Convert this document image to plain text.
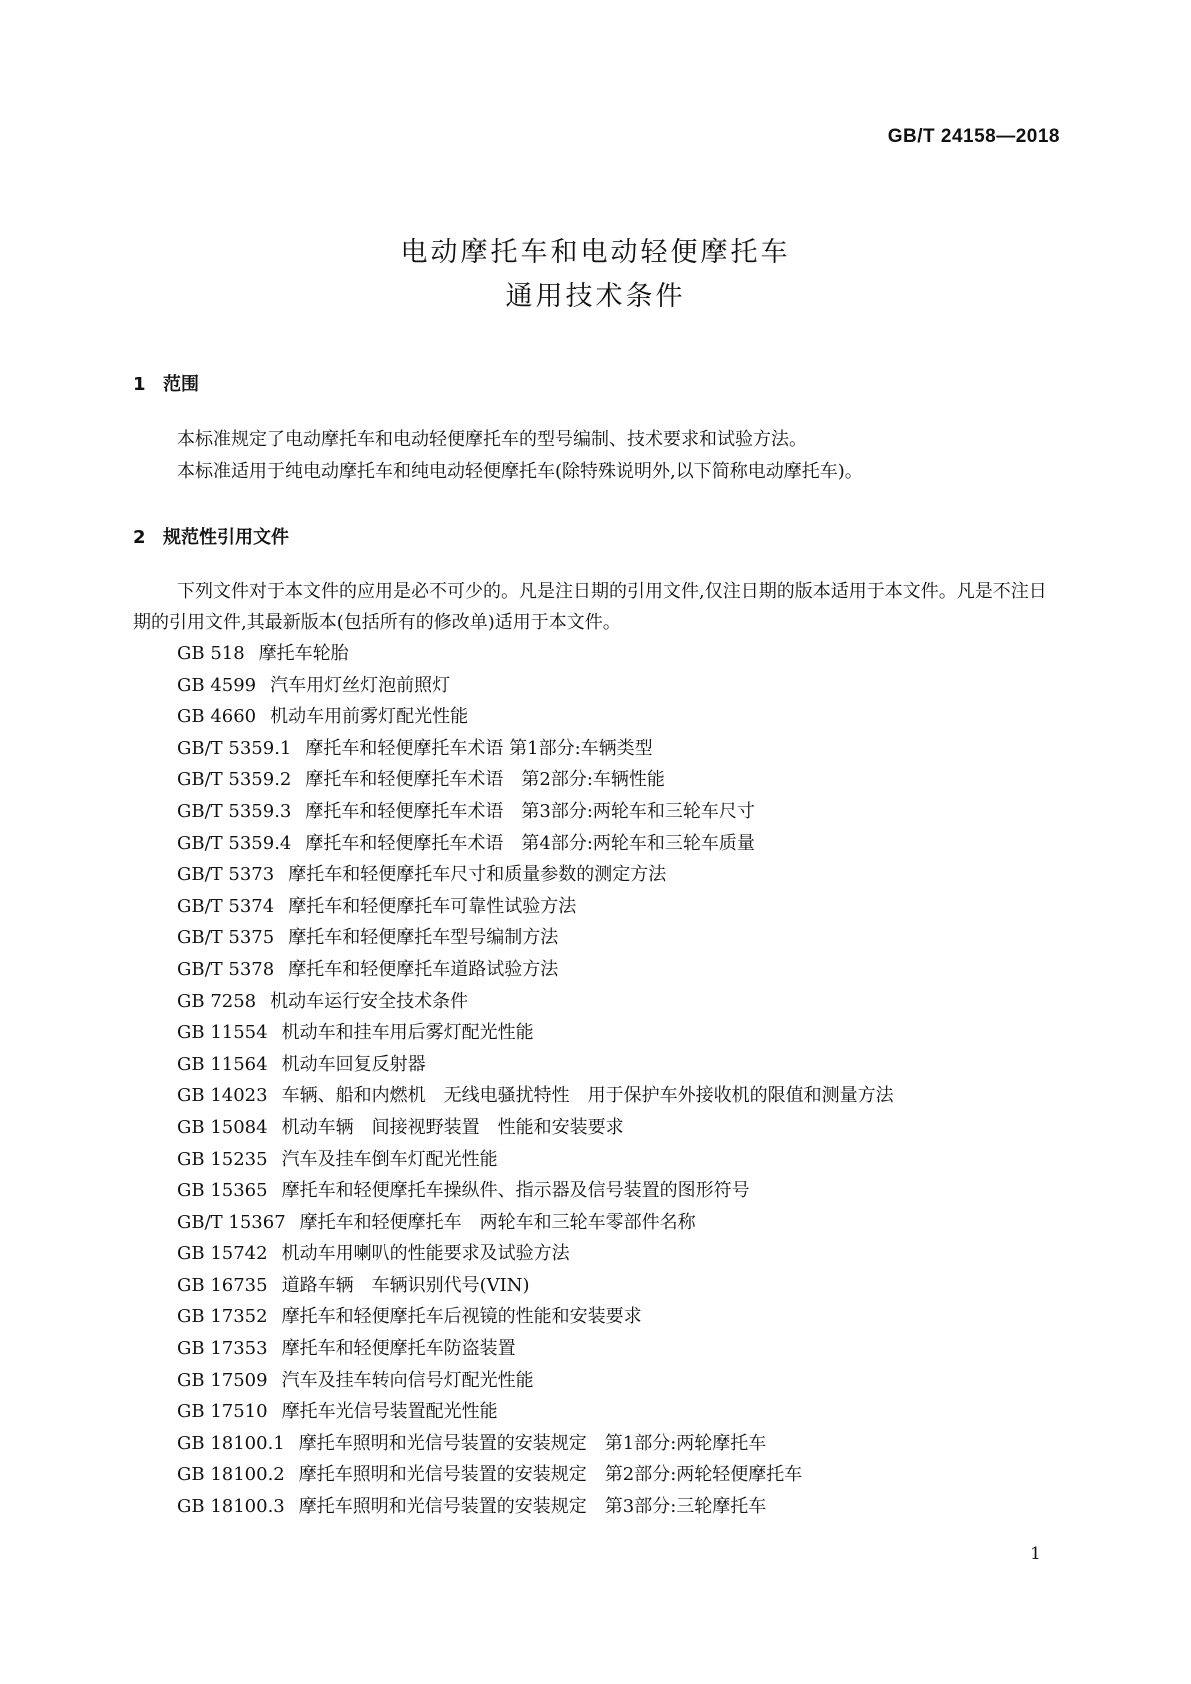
GB/T 24158—2018
电动摩托车和电动轻便摩托车
通用技术条件
1 范围
本标准规定了电动摩托车和电动轻便摩托车的型号编制、技术要求和试验方法。
本标准适用于纯电动摩托车和纯电动轻便摩托车(除特殊说明外,以下简称电动摩托车)。
2 规范性引用文件
下列文件对于本文件的应用是必不可少的。凡是注日期的引用文件,仅注日期的版本适用于本文件。凡是不注日期的引用文件,其最新版本(包括所有的修改单)适用于本文件。
GB 518 摩托车轮胎
GB 4599 汽车用灯丝灯泡前照灯
GB 4660 机动车用前雾灯配光性能
GB/T 5359.1 摩托车和轻便摩托车术语 第1部分:车辆类型
GB/T 5359.2 摩托车和轻便摩托车术语　第2部分:车辆性能
GB/T 5359.3 摩托车和轻便摩托车术语　第3部分:两轮车和三轮车尺寸
GB/T 5359.4 摩托车和轻便摩托车术语　第4部分:两轮车和三轮车质量
GB/T 5373 摩托车和轻便摩托车尺寸和质量参数的测定方法
GB/T 5374 摩托车和轻便摩托车可靠性试验方法
GB/T 5375 摩托车和轻便摩托车型号编制方法
GB/T 5378 摩托车和轻便摩托车道路试验方法
GB 7258 机动车运行安全技术条件
GB 11554 机动车和挂车用后雾灯配光性能
GB 11564 机动车回复反射器
GB 14023 车辆、船和内燃机　无线电骚扰特性　用于保护车外接收机的限值和测量方法
GB 15084 机动车辆　间接视野装置　性能和安装要求
GB 15235 汽车及挂车倒车灯配光性能
GB 15365 摩托车和轻便摩托车操纵件、指示器及信号装置的图形符号
GB/T 15367 摩托车和轻便摩托车　两轮车和三轮车零部件名称
GB 15742 机动车用喇叭的性能要求及试验方法
GB 16735 道路车辆　车辆识别代号(VIN)
GB 17352 摩托车和轻便摩托车后视镜的性能和安装要求
GB 17353 摩托车和轻便摩托车防盗装置
GB 17509 汽车及挂车转向信号灯配光性能
GB 17510 摩托车光信号装置配光性能
GB 18100.1 摩托车照明和光信号装置的安装规定　第1部分:两轮摩托车
GB 18100.2 摩托车照明和光信号装置的安装规定　第2部分:两轮轻便摩托车
GB 18100.3 摩托车照明和光信号装置的安装规定　第3部分:三轮摩托车
1
